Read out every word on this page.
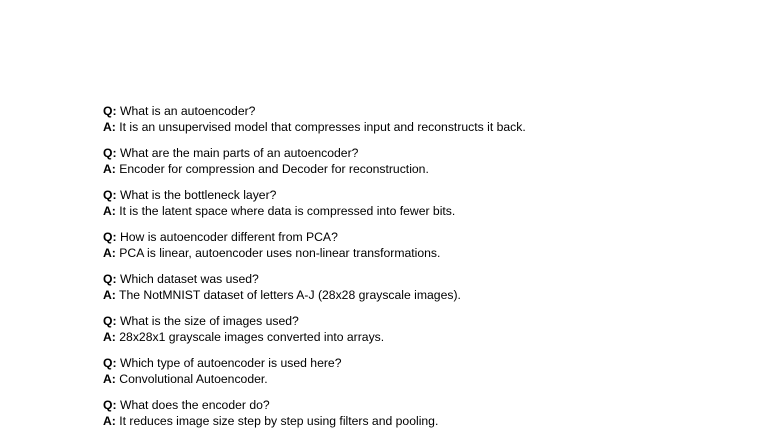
Q: What is an autoencoder?
A: It is an unsupervised model that compresses input and reconstructs it back.
Q: What are the main parts of an autoencoder?
A: Encoder for compression and Decoder for reconstruction.
Q: What is the bottleneck layer?
A: It is the latent space where data is compressed into fewer bits.
Q: How is autoencoder different from PCA?
A: PCA is linear, autoencoder uses non-linear transformations.
Q: Which dataset was used?
A: The NotMNIST dataset of letters A-J (28x28 grayscale images).
Q: What is the size of images used?
A: 28x28x1 grayscale images converted into arrays.
Q: Which type of autoencoder is used here?
A: Convolutional Autoencoder.
Q: What does the encoder do?
A: It reduces image size step by step using filters and pooling.
